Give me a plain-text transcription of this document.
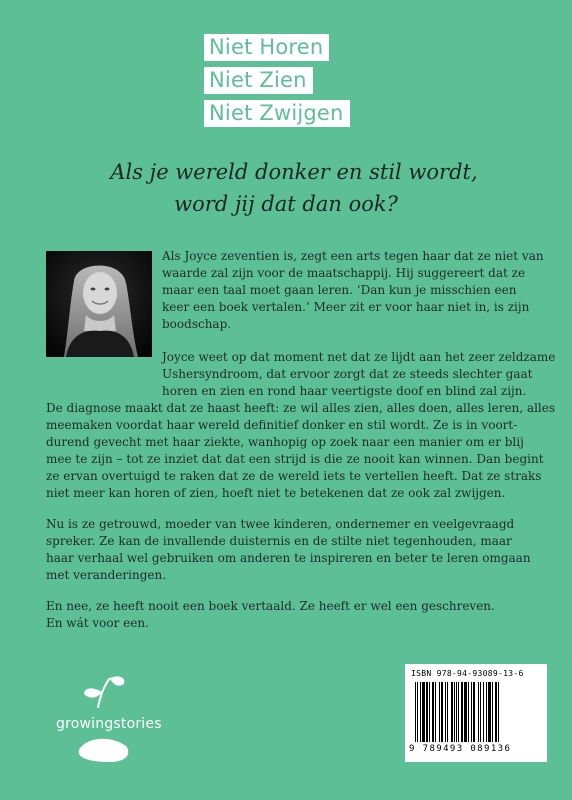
Niet Horen
Niet Zien
Niet Zwijgen
Als je wereld donker en stil wordt,
word jij dat dan ook?
Als Joyce zeventien is, zegt een arts tegen haar dat ze niet van
waarde zal zijn voor de maatschappij. Hij suggereert dat ze
maar een taal moet gaan leren. ‘Dan kun je misschien een
keer een boek vertalen.’ Meer zit er voor haar niet in, is zijn
boodschap.
Joyce weet op dat moment net dat ze lijdt aan het zeer zeldzame
Ushersyndroom, dat ervoor zorgt dat ze steeds slechter gaat
horen en zien en rond haar veertigste doof en blind zal zijn.
De diagnose maakt dat ze haast heeft: ze wil alles zien, alles doen, alles leren, alles
meemaken voordat haar wereld definitief donker en stil wordt. Ze is in voort-
durend gevecht met haar ziekte, wanhopig op zoek naar een manier om er blij
mee te zijn – tot ze inziet dat dat een strijd is die ze nooit kan winnen. Dan begint
ze ervan overtuigd te raken dat ze de wereld iets te vertellen heeft. Dat ze straks
niet meer kan horen of zien, hoeft niet te betekenen dat ze ook zal zwijgen.
Nu is ze getrouwd, moeder van twee kinderen, ondernemer en veelgevraagd
spreker. Ze kan de invallende duisternis en de stilte niet tegenhouden, maar
haar verhaal wel gebruiken om anderen te inspireren en beter te leren omgaan
met veranderingen.
En nee, ze heeft nooit een boek vertaald. Ze heeft er wel een geschreven.
En wát voor een.
growingstories
ISBN 978-94-93089-13-6
9 789493 089136
